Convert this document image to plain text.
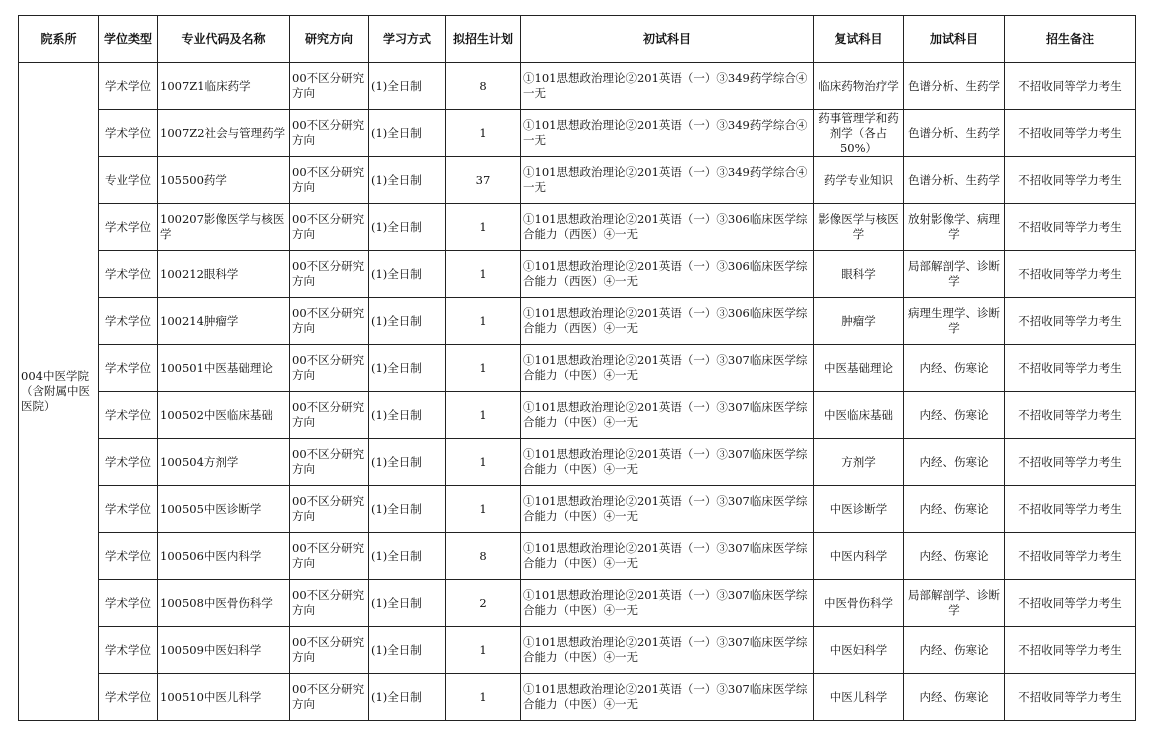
院系所	学位类型	专业代码及名称	研究方向	学习方式	拟招生计划	初试科目	复试科目	加试科目	招生备注
004中医学院（含附属中医医院）	学术学位	1007Z1临床药学	00不区分研究方向	(1)全日制	8	①101思想政治理论②201英语（一）③349药学综合④一无	临床药物治疗学	色谱分析、生药学	不招收同等学力考生
	学术学位	1007Z2社会与管理药学	00不区分研究方向	(1)全日制	1	①101思想政治理论②201英语（一）③349药学综合④一无	药事管理学和药剂学（各占50%）	色谱分析、生药学	不招收同等学力考生
	专业学位	105500药学	00不区分研究方向	(1)全日制	37	①101思想政治理论②201英语（一）③349药学综合④一无	药学专业知识	色谱分析、生药学	不招收同等学力考生
	学术学位	100207影像医学与核医学	00不区分研究方向	(1)全日制	1	①101思想政治理论②201英语（一）③306临床医学综合能力（西医）④一无	影像医学与核医学	放射影像学、病理学	不招收同等学力考生
	学术学位	100212眼科学	00不区分研究方向	(1)全日制	1	①101思想政治理论②201英语（一）③306临床医学综合能力（西医）④一无	眼科学	局部解剖学、诊断学	不招收同等学力考生
	学术学位	100214肿瘤学	00不区分研究方向	(1)全日制	1	①101思想政治理论②201英语（一）③306临床医学综合能力（西医）④一无	肿瘤学	病理生理学、诊断学	不招收同等学力考生
	学术学位	100501中医基础理论	00不区分研究方向	(1)全日制	1	①101思想政治理论②201英语（一）③307临床医学综合能力（中医）④一无	中医基础理论	内经、伤寒论	不招收同等学力考生
	学术学位	100502中医临床基础	00不区分研究方向	(1)全日制	1	①101思想政治理论②201英语（一）③307临床医学综合能力（中医）④一无	中医临床基础	内经、伤寒论	不招收同等学力考生
	学术学位	100504方剂学	00不区分研究方向	(1)全日制	1	①101思想政治理论②201英语（一）③307临床医学综合能力（中医）④一无	方剂学	内经、伤寒论	不招收同等学力考生
	学术学位	100505中医诊断学	00不区分研究方向	(1)全日制	1	①101思想政治理论②201英语（一）③307临床医学综合能力（中医）④一无	中医诊断学	内经、伤寒论	不招收同等学力考生
	学术学位	100506中医内科学	00不区分研究方向	(1)全日制	8	①101思想政治理论②201英语（一）③307临床医学综合能力（中医）④一无	中医内科学	内经、伤寒论	不招收同等学力考生
	学术学位	100508中医骨伤科学	00不区分研究方向	(1)全日制	2	①101思想政治理论②201英语（一）③307临床医学综合能力（中医）④一无	中医骨伤科学	局部解剖学、诊断学	不招收同等学力考生
	学术学位	100509中医妇科学	00不区分研究方向	(1)全日制	1	①101思想政治理论②201英语（一）③307临床医学综合能力（中医）④一无	中医妇科学	内经、伤寒论	不招收同等学力考生
	学术学位	100510中医儿科学	00不区分研究方向	(1)全日制	1	①101思想政治理论②201英语（一）③307临床医学综合能力（中医）④一无	中医儿科学	内经、伤寒论	不招收同等学力考生
